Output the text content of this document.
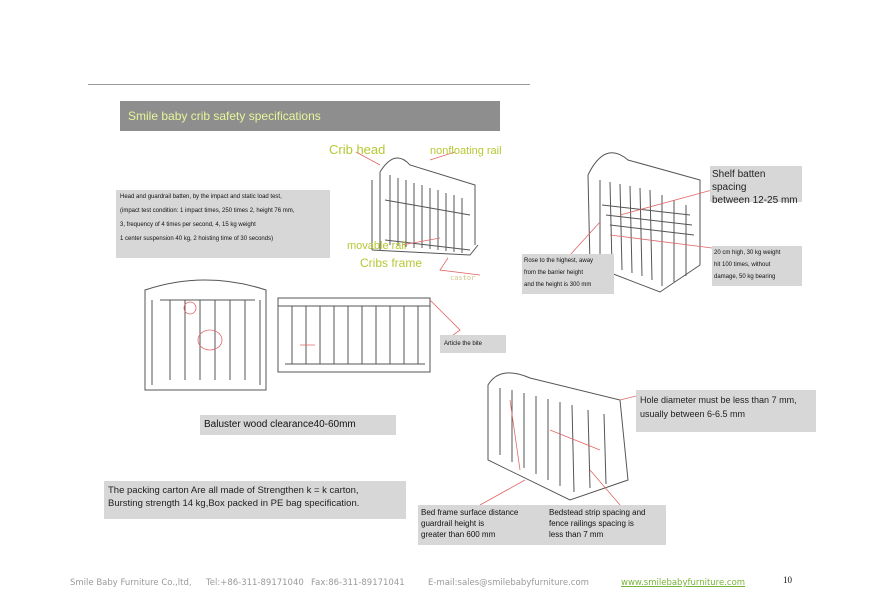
Smile baby crib safety specifications
Crib head	nonfloating rail
movable rail
Cribs frame
castor
Head and guardrail batten, by the impact and static load test,
(impact test condition: 1 impact times, 250 times 2, height 76 mm,
3, frequency of 4 times per second, 4, 15 kg weight
1 center suspension 40 kg, 2 hoisting time of 30 seconds)
Shelf batten spacing
between 12-25 mm
Rose to the highest, away
from the barrier height
and the height is 300 mm
20 cm high, 30 kg weight
hit 100 times, without
damage, 50 kg bearing
Article the bite
Baluster wood clearance40-60mm
Hole diameter must be less than 7 mm,
usually between 6-6.5 mm
The packing carton Are all made of Strengthen k = k carton,
Bursting strength 14 kg,Box packed in PE bag specification.
Bed frame surface distance
guardrail height is
greater than 600 mm
Bedstead strip spacing and
fence railings spacing is
less than 7 mm
Smile Baby Furniture Co.,ltd, Tel:+86-311-89171040 Fax:86-311-89171041	E-mail:sales@smilebabyfurniture.com	www.smilebabyfurniture.com	10
